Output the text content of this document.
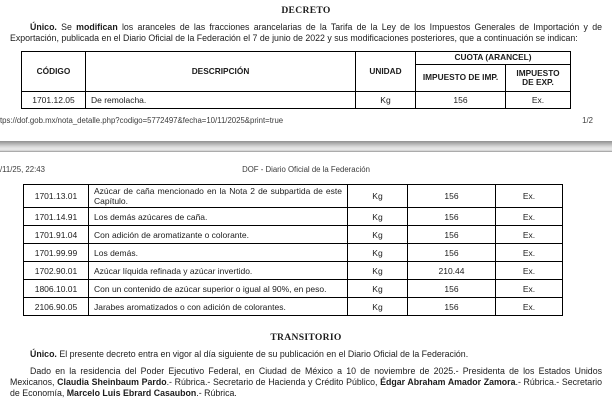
DECRETO

Único. Se modifican los aranceles de las fracciones arancelarias de la Tarifa de la Ley de los Impuestos Generales de Importación y de Exportación, publicada en el Diario Oficial de la Federación el 7 de junio de 2022 y sus modificaciones posteriores, que a continuación se indican:

CÓDIGO	DESCRIPCIÓN	UNIDAD	CUOTA (ARANCEL)	
			IMPUESTO DE IMP.	IMPUESTO DE EXP.
1701.12.05	De remolacha.	Kg	156	Ex.
tps://dof.gob.mx/nota_detalle.php?codigo=5772497&fecha=10/11/2025&print=true	1/2
/11/25, 22:43	DOF - Diario Oficial de la Federación
1701.13.01	Azúcar de caña mencionado en la Nota 2 de subpartida de este Capítulo.	Kg	156	Ex.
1701.14.91	Los demás azúcares de caña.	Kg	156	Ex.
1701.91.04	Con adición de aromatizante o colorante.	Kg	156	Ex.
1701.99.99	Los demás.	Kg	156	Ex.
1702.90.01	Azúcar líquida refinada y azúcar invertido.	Kg	210.44	Ex.
1806.10.01	Con un contenido de azúcar superior o igual al 90%, en peso.	Kg	156	Ex.
2106.90.05	Jarabes aromatizados o con adición de colorantes.	Kg	156	Ex.
TRANSITORIO

Único. El presente decreto entra en vigor al día siguiente de su publicación en el Diario Oficial de la Federación.

Dado en la residencia del Poder Ejecutivo Federal, en Ciudad de México a 10 de noviembre de 2025.- Presidenta de los Estados Unidos Mexicanos, Claudia Sheinbaum Pardo.- Rúbrica.- Secretario de Hacienda y Crédito Público, Édgar Abraham Amador Zamora.- Rúbrica.- Secretario de Economía, Marcelo Luis Ebrard Casaubon.- Rúbrica.
